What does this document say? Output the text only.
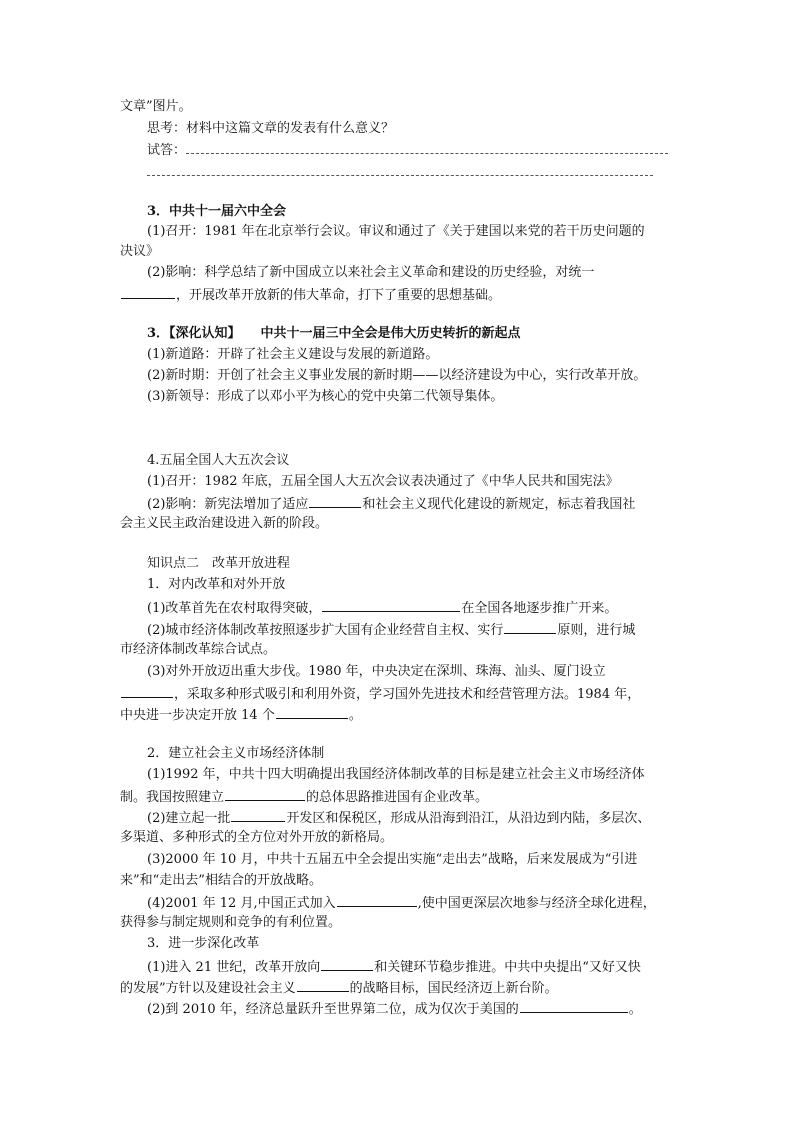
文章”图片。
思考：材料中这篇文章的发表有什么意义？
试答：
3．中共十一届六中全会
(1)召开：1981 年在北京举行会议。审议和通过了《关于建国以来党的若干历史问题的
决议》
(2)影响：科学总结了新中国成立以来社会主义革命和建设的历史经验，对统一
，开展改革开放新的伟大革命，打下了重要的思想基础。
3．【深化认知】 中共十一届三中全会是伟大历史转折的新起点
(1)新道路：开辟了社会主义建设与发展的新道路。
(2)新时期：开创了社会主义事业发展的新时期——以经济建设为中心，实行改革开放。
(3)新领导：形成了以邓小平为核心的党中央第二代领导集体。
4.五届全国人大五次会议
(1)召开：1982 年底，五届全国人大五次会议表决通过了《中华人民共和国宪法》
(2)影响：新宪法增加了适应	和社会主义现代化建设的新规定，标志着我国社
会主义民主政治建设进入新的阶段。
知识点二　改革开放进程
1．对内改革和对外开放
(1)改革首先在农村取得突破，	在全国各地逐步推广开来。
(2)城市经济体制改革按照逐步扩大国有企业经营自主权、实行	原则，进行城
市经济体制改革综合试点。
(3)对外开放迈出重大步伐。1980 年，中央决定在深圳、珠海、汕头、厦门设立
，采取多种形式吸引和利用外资，学习国外先进技术和经营管理方法。1984 年，
中央进一步决定开放 14 个	。
2．建立社会主义市场经济体制
(1)1992 年，中共十四大明确提出我国经济体制改革的目标是建立社会主义市场经济体
制。我国按照建立	的总体思路推进国有企业改革。
(2)建立起一批	开发区和保税区，形成从沿海到沿江，从沿边到内陆，多层次、
多渠道、多种形式的全方位对外开放的新格局。
(3)2000 年 10 月，中共十五届五中全会提出实施“走出去”战略，后来发展成为“引进
来”和“走出去”相结合的开放战略。
(4)2001 年 12 月,中国正式加入	,使中国更深层次地参与经济全球化进程，
获得参与制定规则和竞争的有利位置。
3．进一步深化改革
(1)进入 21 世纪，改革开放向	和关键环节稳步推进。中共中央提出“又好又快
的发展”方针以及建设社会主义	的战略目标，国民经济迈上新台阶。
(2)到 2010 年，经济总量跃升至世界第二位，成为仅次于美国的	。
